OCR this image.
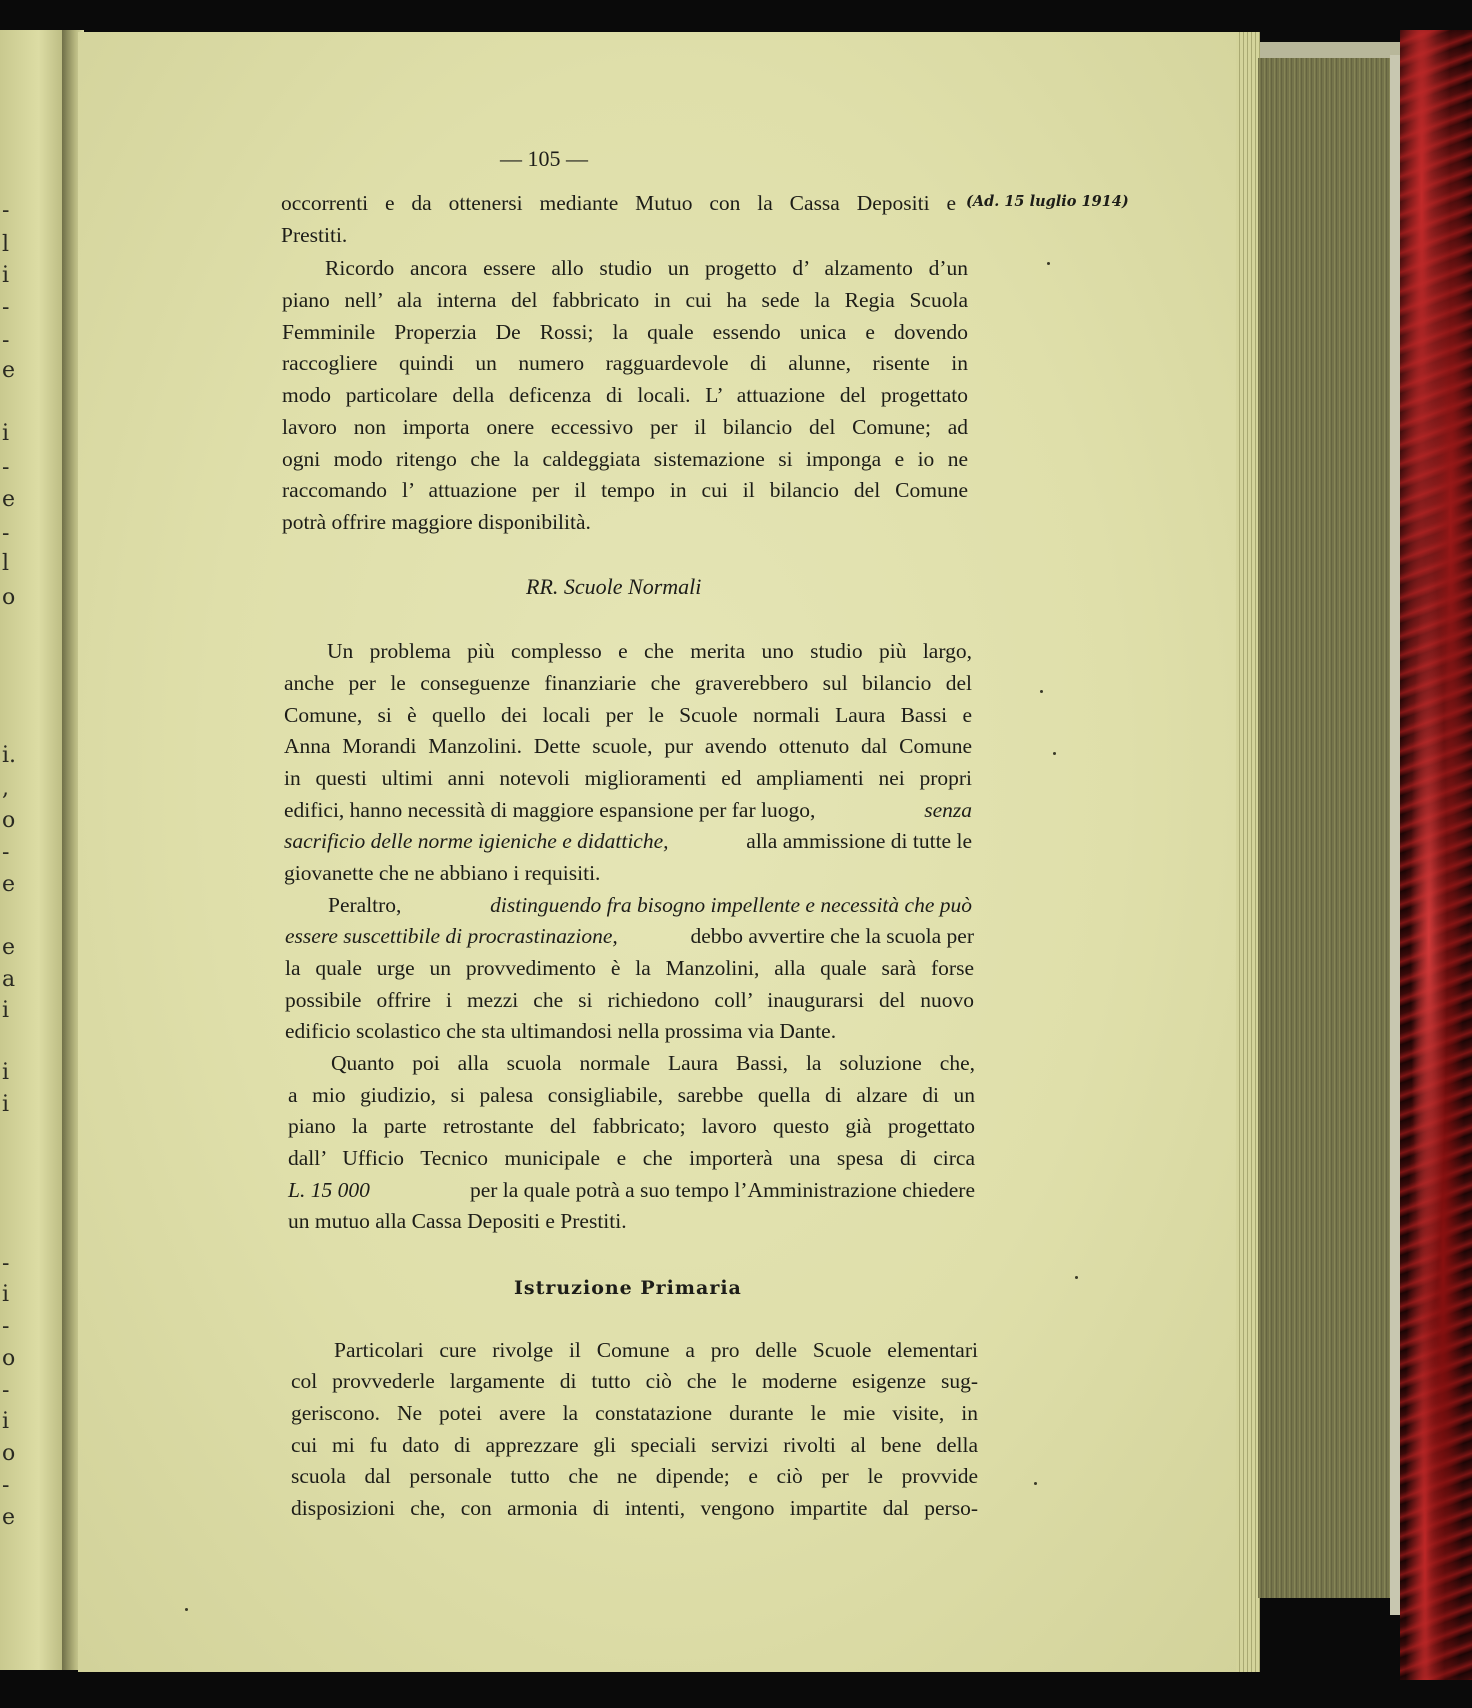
-
l
i
-
-
e
i
-
e
-
l
o
i.
,
o
-
e
e
a
i
i
i
-
i
-
o
-
i
o
-
e
— 105 —
(Ad. 15 luglio 1914)
occorrenti e da ottenersi mediante Mutuo con la Cassa Depositi e
Prestiti.
Ricordo ancora essere allo studio un progetto d’ alzamento d’un
piano nell’ ala interna del fabbricato in cui ha sede la Regia Scuola
Femminile Properzia De Rossi; la quale essendo unica e dovendo
raccogliere quindi un numero ragguardevole di alunne, risente in
modo particolare della deficenza di locali. L’ attuazione del progettato
lavoro non importa onere eccessivo per il bilancio del Comune; ad
ogni modo ritengo che la caldeggiata sistemazione si imponga e io ne
raccomando l’ attuazione per il tempo in cui il bilancio del Comune
potrà offrire maggiore disponibilità.
RR. Scuole Normali
Un problema più complesso e che merita uno studio più largo,
anche per le conseguenze finanziarie che graverebbero sul bilancio del
Comune, si è quello dei locali per le Scuole normali Laura Bassi e
Anna Morandi Manzolini. Dette scuole, pur avendo ottenuto dal Comune
in questi ultimi anni notevoli miglioramenti ed ampliamenti nei propri
edifici, hanno necessità di maggiore espansione per far luogo,	senza
sacrificio delle norme igieniche e didattiche,	alla ammissione di tutte le
giovanette che ne abbiano i requisiti.
Peraltro,	distinguendo fra bisogno impellente e necessità che può
essere suscettibile di procrastinazione,	debbo avvertire che la scuola per
la quale urge un provvedimento è la Manzolini, alla quale sarà forse
possibile offrire i mezzi che si richiedono coll’ inaugurarsi del nuovo
edificio scolastico che sta ultimandosi nella prossima via Dante.
Quanto poi alla scuola normale Laura Bassi, la soluzione che,
a mio giudizio, si palesa consigliabile, sarebbe quella di alzare di un
piano la parte retrostante del fabbricato; lavoro questo già progettato
dall’ Ufficio Tecnico municipale e che importerà una spesa di circa
L. 15 000	per la quale potrà a suo tempo l’Amministrazione chiedere
un mutuo alla Cassa Depositi e Prestiti.
Istruzione Primaria
Particolari cure rivolge il Comune a pro delle Scuole elementari
col provvederle largamente di tutto ciò che le moderne esigenze sug-
geriscono. Ne potei avere la constatazione durante le mie visite, in
cui mi fu dato di apprezzare gli speciali servizi rivolti al bene della
scuola dal personale tutto che ne dipende; e ciò per le provvide
disposizioni che, con armonia di intenti, vengono impartite dal perso-
